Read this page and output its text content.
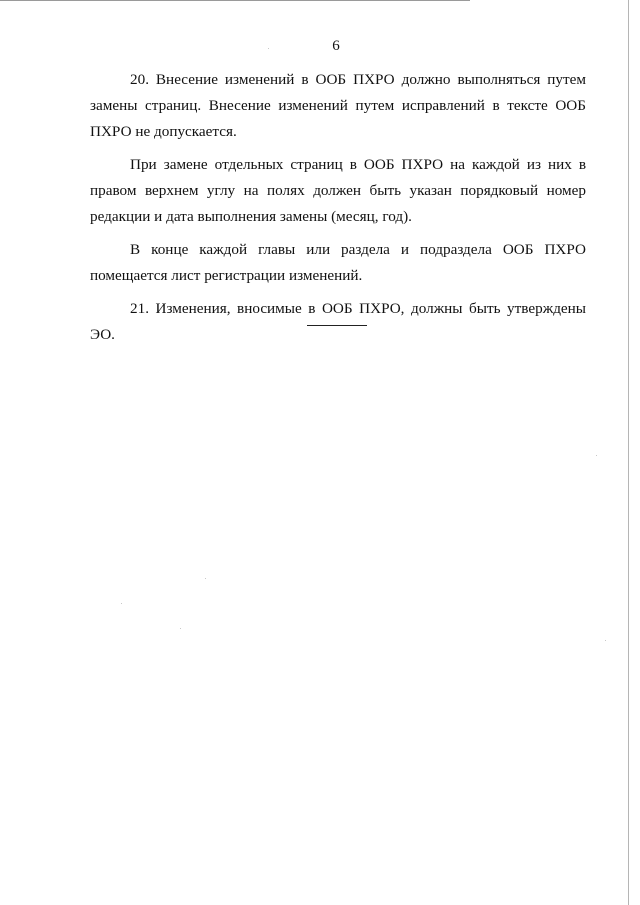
6

20. Внесение изменений в ООБ ПХРО должно выполняться путем замены страниц. Внесение изменений путем исправлений в тексте ООБ ПХРО не допускается.

При замене отдельных страниц в ООБ ПХРО на каждой из них в правом верхнем углу на полях должен быть указан порядковый номер редакции и дата выполнения замены (месяц, год).

В конце каждой главы или раздела и подраздела ООБ ПХРО помещается лист регистрации изменений.

21. Изменения, вносимые в ООБ ПХРО, должны быть утверждены ЭО.
